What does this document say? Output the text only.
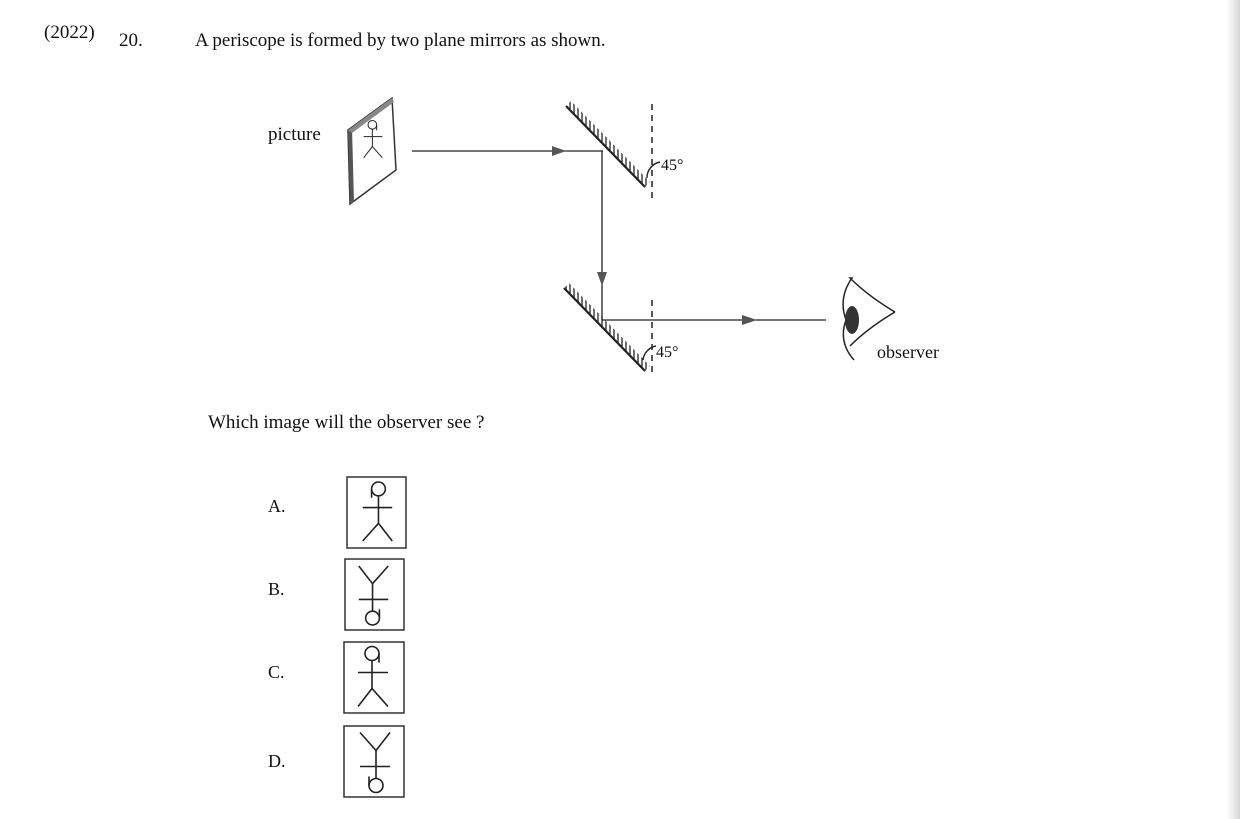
(2022) 20.	A periscope is formed by two plane mirrors as shown.
picture
45°
45°	observer
Which image will the observer see ?
A.
B.
C.
D.
